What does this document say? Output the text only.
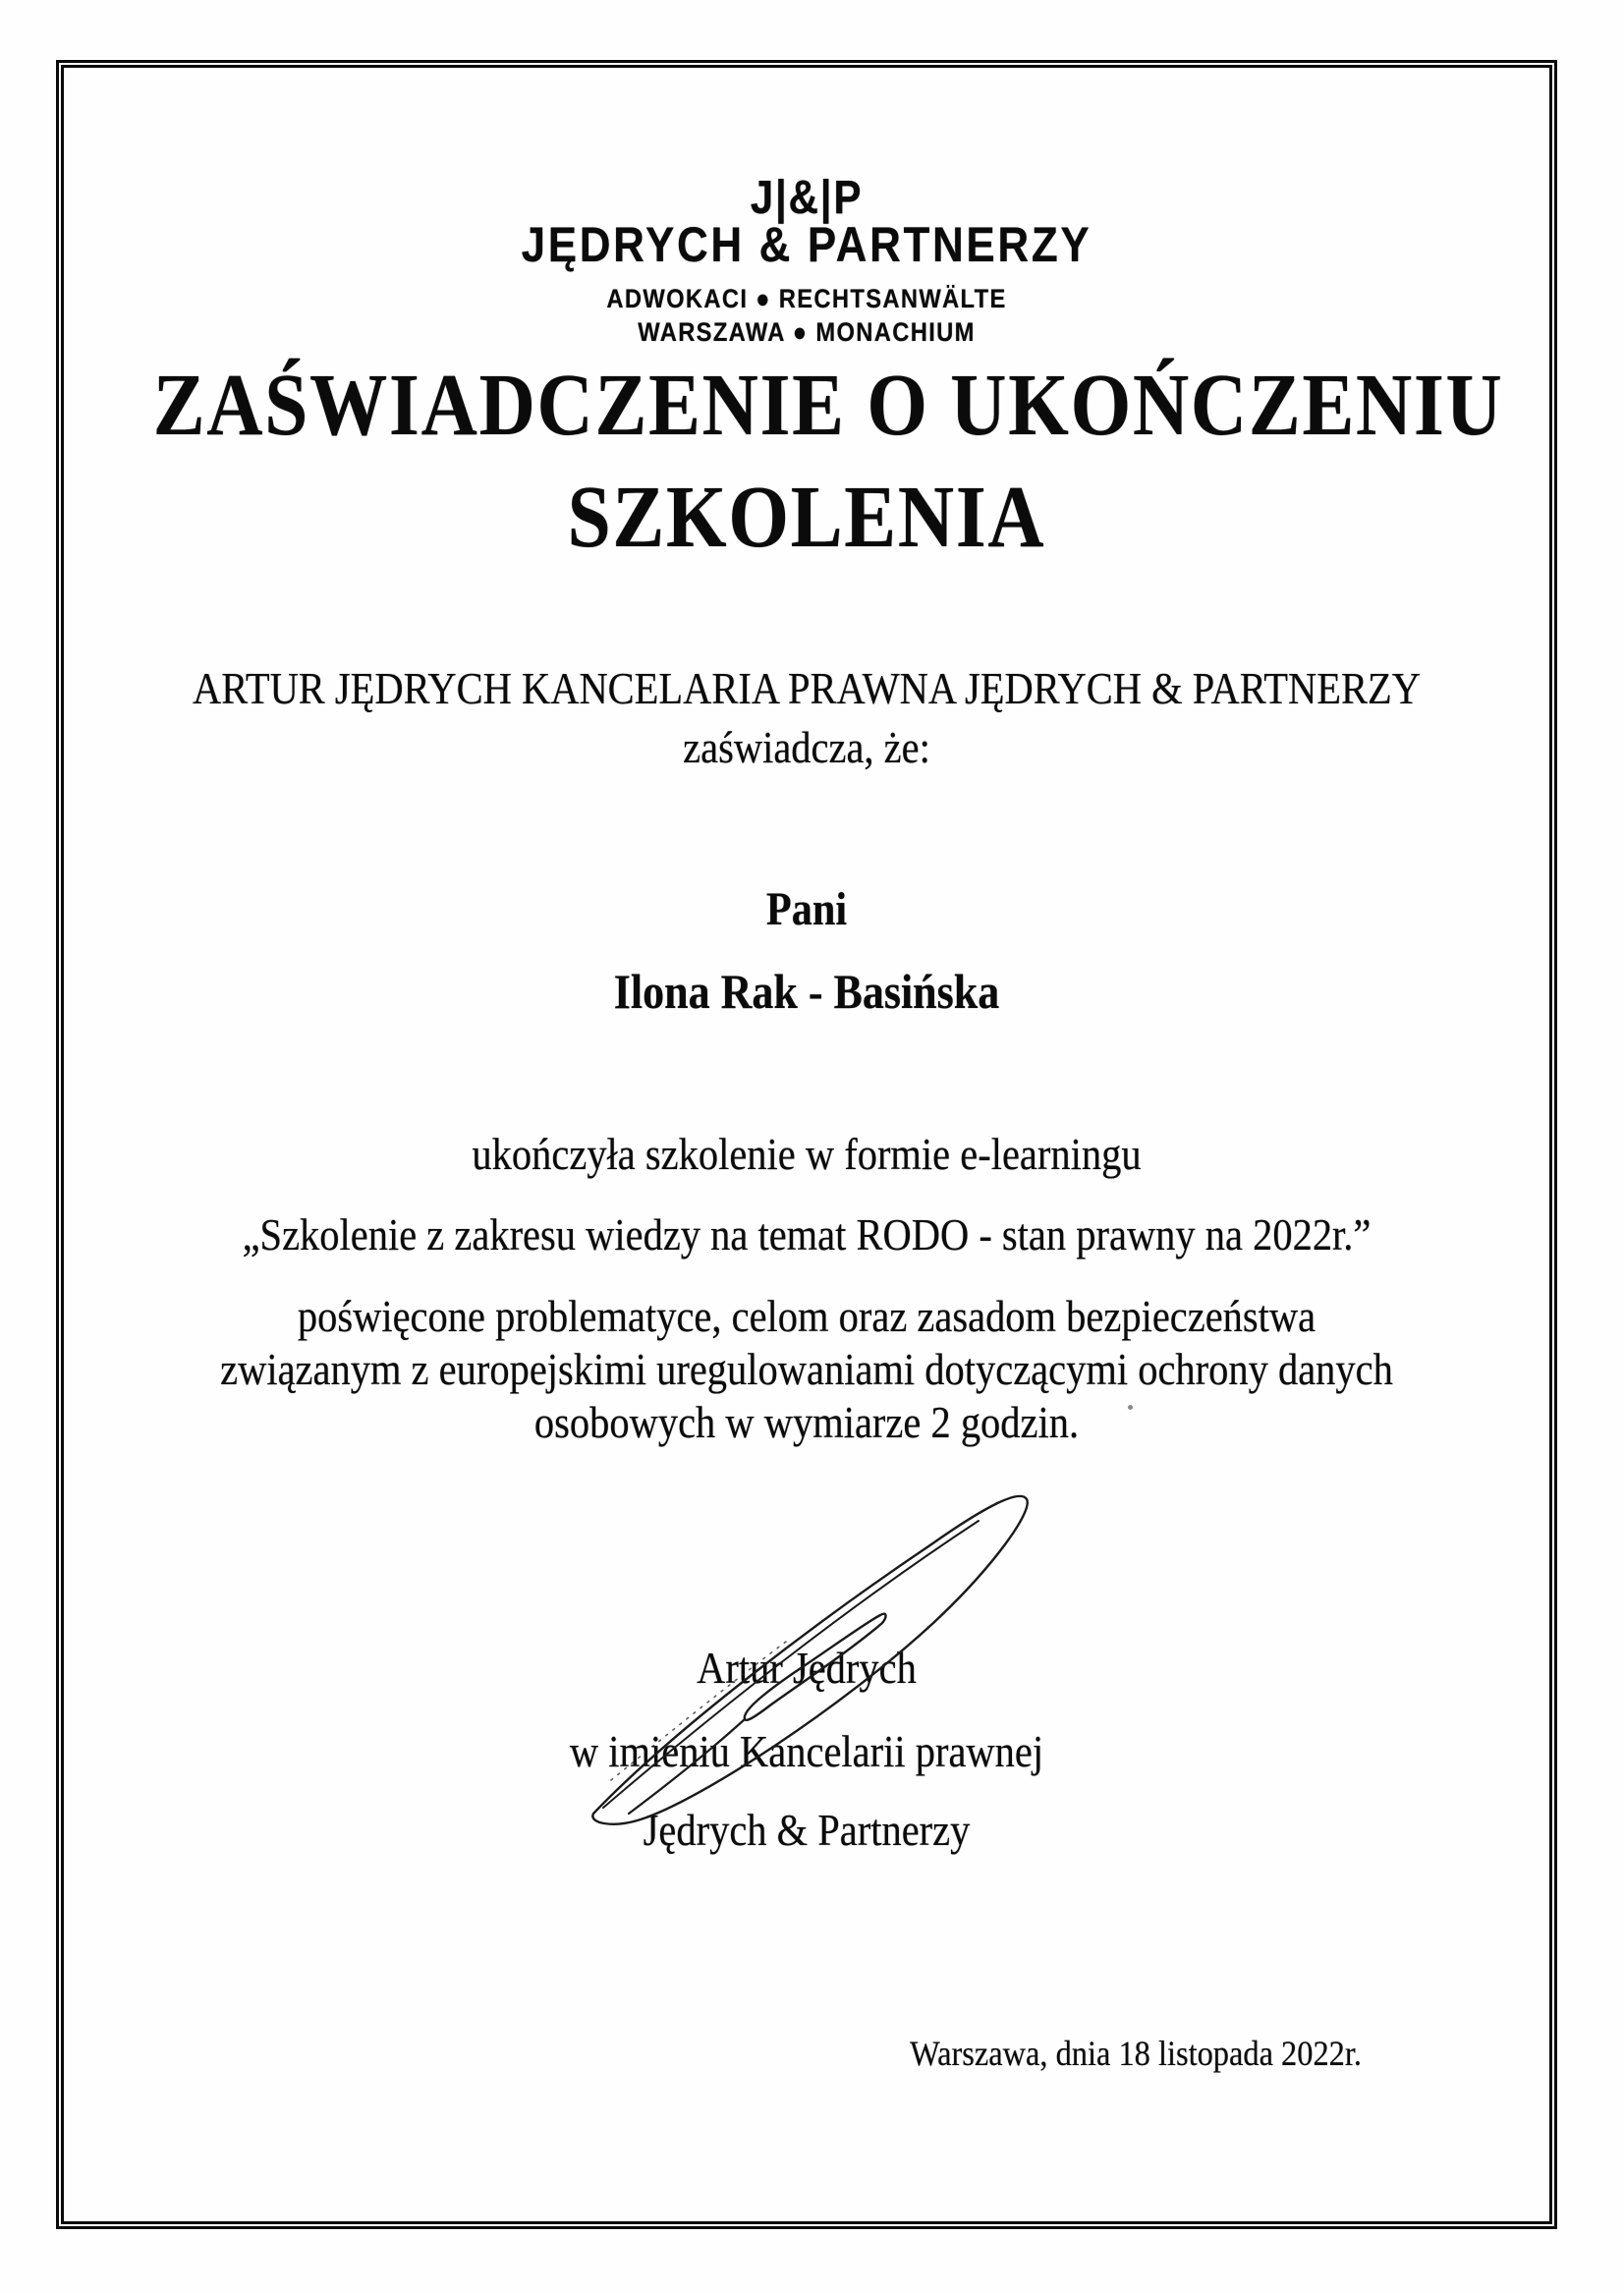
J|&|P
JĘDRYCH & PARTNERZY
ADWOKACI ● RECHTSANWÄLTE
WARSZAWA ● MONACHIUM
ZAŚWIADCZENIE O UKOŃCZENIU
SZKOLENIA
ARTUR JĘDRYCH KANCELARIA PRAWNA JĘDRYCH & PARTNERZY
zaświadcza, że:
Pani
Ilona Rak - Basińska
ukończyła szkolenie w formie e-learningu
„Szkolenie z zakresu wiedzy na temat RODO - stan prawny na 2022r.”
poświęcone problematyce, celom oraz zasadom bezpieczeństwa
związanym z europejskimi uregulowaniami dotyczącymi ochrony danych
osobowych w wymiarze 2 godzin.
Artur Jędrych
w imieniu Kancelarii prawnej
Jędrych & Partnerzy
Warszawa, dnia 18 listopada 2022r.
